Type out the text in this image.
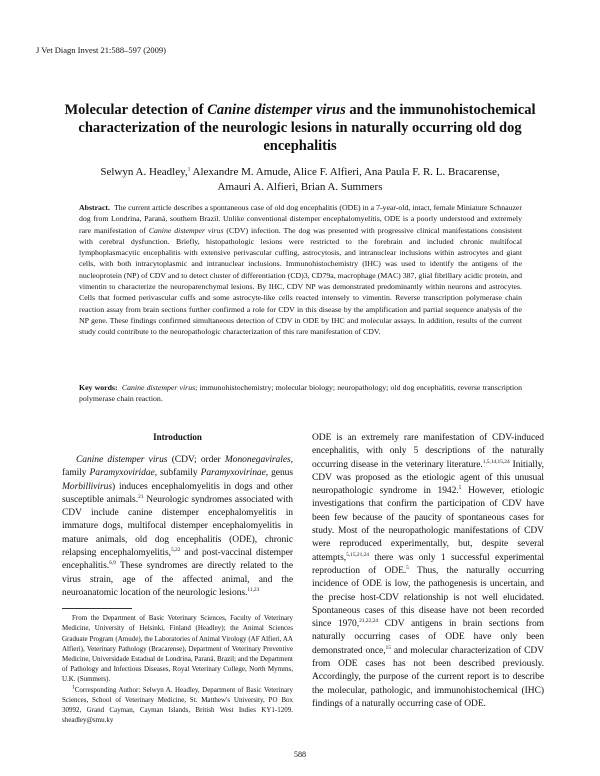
J Vet Diagn Invest 21:588–597 (2009)
Molecular detection of Canine distemper virus and the immunohistochemical characterization of the neurologic lesions in naturally occurring old dog encephalitis
Selwyn A. Headley,$^1$ Alexandre M. Amude, Alice F. Alfieri, Ana Paula F. R. L. Bracarense,
Amauri A. Alfieri, Brian A. Summers
Abstract. The current article describes a spontaneous case of old dog encephalitis (ODE) in a 7-year-old, intact, female Miniature Schnauzer dog from Londrina, Paraná, southern Brazil. Unlike conventional distemper encephalomyelitis, ODE is a poorly understood and extremely rare manifestation of Canine distemper virus (CDV) infection. The dog was presented with progressive clinical manifestations consistent with cerebral dysfunction. Briefly, histopathologic lesions were restricted to the forebrain and included chronic multifocal lymphoplasmacytic encephalitis with extensive perivascular cuffing, astrocytosis, and intranuclear inclusions within astrocytes and giant cells, with both intracytoplasmic and intranuclear inclusions. Immunohistochemistry (IHC) was used to identify the antigens of the nucleoprotein (NP) of CDV and to detect cluster of differentiation (CD)3, CD79a, macrophage (MAC) 387, glial fibrillary acidic protein, and vimentin to characterize the neuroparenchymal lesions. By IHC, CDV NP was demonstrated predominantly within neurons and astrocytes. Cells that formed perivascular cuffs and some astrocyte-like cells reacted intensely to vimentin. Reverse transcription polymerase chain reaction assay from brain sections further confirmed a role for CDV in this disease by the amplification and partial sequence analysis of the NP gene. These findings confirmed simultaneous detection of CDV in ODE by IHC and molecular assays. In addition, results of the current study could contribute to the neuropathologic characterization of this rare manifestation of CDV.
Key words: Canine distemper virus; immunohistochemistry; molecular biology; neuropathology; old dog encephalitis, reverse transcription polymerase chain reaction.
Introduction

Canine distemper virus (CDV; order Mononegavirales, family Paramyxoviridae, subfamily Paramyxovirinae, genus Morbillivirus) induces encephalomyelitis in dogs and other susceptible animals.$^{21}$ Neurologic syndromes associated with CDV include canine distemper encephalomyelitis in immature dogs, multifocal distemper encephalomyelitis in mature animals, old dog encephalitis (ODE), chronic relapsing encephalomyelitis,$^{5,22}$ and post-vaccinal distemper encephalitis.$^{6,9}$ These syndromes are directly related to the virus strain, age of the affected animal, and the neuroanatomic location of the neurologic lesions.$^{11,23}$

From the Department of Basic Veterinary Sciences, Faculty of Veterinary Medicine, University of Helsinki, Finland (Headley); the Animal Sciences Graduate Program (Amude), the Laboratories of Animal Virology (AF Alfieri, AA Alfieri), Veterinary Pathology (Bracarense), Department of Veterinary Preventive Medicine, Universidade Estadual de Londrina, Paraná, Brazil; and the Department of Pathology and Infectious Diseases, Royal Veterinary College, North Mymms, U.K. (Summers).

$^1$Corresponding Author: Selwyn A. Headley, Department of Basic Veterinary Sciences, School of Veterinary Medicine, St. Matthew's University, PO Box 30992, Grand Cayman, Cayman Islands, British West Indies KY1-1209. sheadley@smu.ky

ODE is an extremely rare manifestation of CDV-induced encephalitis, with only 5 descriptions of the naturally occurring disease in the veterinary literature.$^{1,5,14,15,24}$ Initially, CDV was proposed as the etiologic agent of this unusual neuropathologic syndrome in 1942.$^5$ However, etiologic investigations that confirm the participation of CDV have been few because of the paucity of spontaneous cases for study. Most of the neuropathologic manifestations of CDV were reproduced experimentally, but, despite several attempts,$^{5,15,21,24}$ there was only 1 successful experimental reproduction of ODE.$^5$ Thus, the naturally occurring incidence of ODE is low, the pathogenesis is uncertain, and the precise host-CDV relationship is not well elucidated. Spontaneous cases of this disease have not been recorded since 1970,$^{21,22,24}$ CDV antigens in brain sections from naturally occurring cases of ODE have only been demonstrated once,$^{15}$ and molecular characterization of CDV from ODE cases has not been described previously. Accordingly, the purpose of the current report is to describe the molecular, pathologic, and immunohistochemical (IHC) findings of a naturally occurring case of ODE.
588
